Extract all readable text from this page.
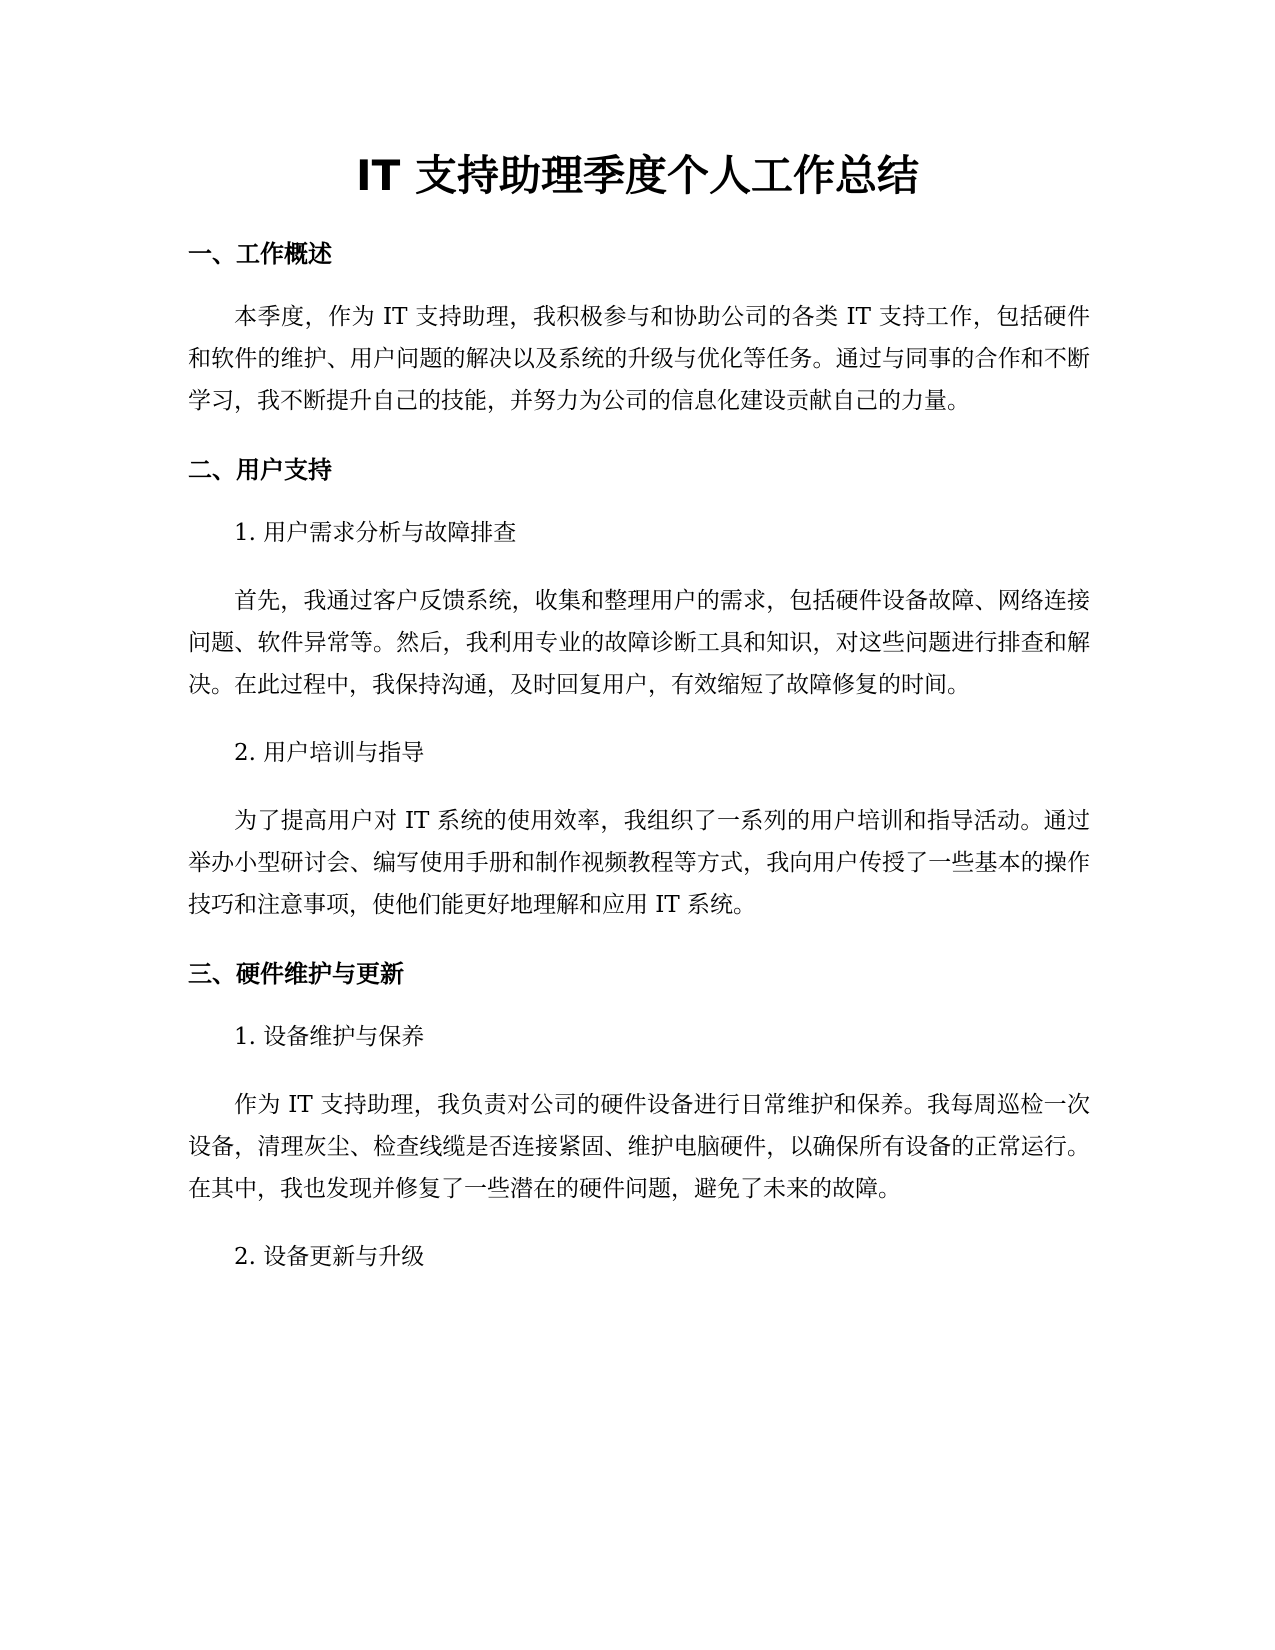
IT 支持助理季度个人工作总结
一、工作概述

本季度，作为 IT 支持助理，我积极参与和协助公司的各类 IT 支持工作，包括硬件和软件的维护、用户问题的解决以及系统的升级与优化等任务。通过与同事的合作和不断学习，我不断提升自己的技能，并努力为公司的信息化建设贡献自己的力量。

二、用户支持

1. 用户需求分析与故障排查

首先，我通过客户反馈系统，收集和整理用户的需求，包括硬件设备故障、网络连接问题、软件异常等。然后，我利用专业的故障诊断工具和知识，对这些问题进行排查和解决。在此过程中，我保持沟通，及时回复用户，有效缩短了故障修复的时间。

2. 用户培训与指导

为了提高用户对 IT 系统的使用效率，我组织了一系列的用户培训和指导活动。通过举办小型研讨会、编写使用手册和制作视频教程等方式，我向用户传授了一些基本的操作技巧和注意事项，使他们能更好地理解和应用 IT 系统。

三、硬件维护与更新

1. 设备维护与保养

作为 IT 支持助理，我负责对公司的硬件设备进行日常维护和保养。我每周巡检一次设备，清理灰尘、检查线缆是否连接紧固、维护电脑硬件，以确保所有设备的正常运行。在其中，我也发现并修复了一些潜在的硬件问题，避免了未来的故障。

2. 设备更新与升级
